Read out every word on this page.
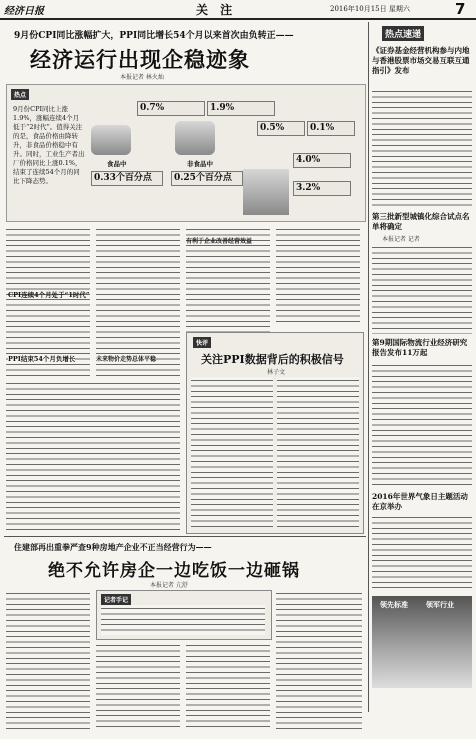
经济日报	关 注	2016年10月15日 星期六	7
9月份CPI同比涨幅扩大，PPI同比增长54个月以来首次由负转正——
经济运行出现企稳迹象
本报记者 林火灿
热点
9月份CPI同比上涨1.9%，涨幅连续4个月低于“2时代”。值得关注的是，食品价格由降转升，非食品价格稳中有升。同时，工业生产者出厂价格同比上涨0.1%，结束了连续54个月的同比下降态势。
0.7%	1.9%
食品中	非食品中
0.33个百分点	0.25个百分点
0.5%	0.1%
4.0%
3.2%
CPI连续4个月处于“1时代”
有利于企业改善经营效益
PPI结束54个月负增长	未来物价走势总体平稳
快评
关注PPI数据背后的积极信号
林子文
热点速递
《证券基金经营机构参与内地与香港股票市场交易互联互通指引》发布
第三批新型城镇化综合试点名单将确定
本报记者 记者
第9期国际物流行业经济研究报告发布11万起
2016年世界气象日主题活动在京举办
领先标准	领军行业
住建部再出重拳严查9种房地产企业不正当经营行为——
绝不允许房企一边吃饭一边砸锅
本报记者 亢舒
记者手记
